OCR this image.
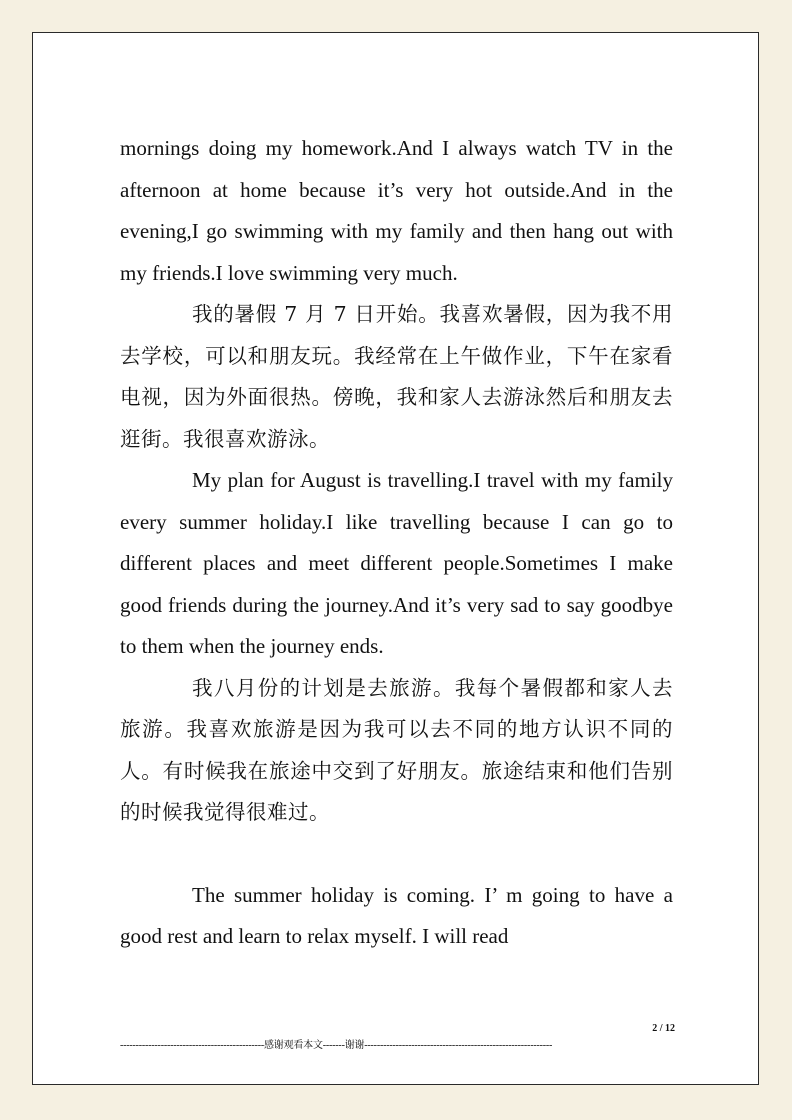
mornings doing my homework.And I always watch TV in the afternoon at home because it’s very hot outside.And in the evening,I go swimming with my family and then hang out with my friends.I love swimming very much.

我的暑假 7 月 7 日开始。我喜欢暑假，因为我不用去学校，可以和朋友玩。我经常在上午做作业，下午在家看电视，因为外面很热。傍晚，我和家人去游泳然后和朋友去逛街。我很喜欢游泳。

My plan for August is travelling.I travel with my family every summer holiday.I like travelling because I can go to different places and meet different people.Sometimes I make good friends during the journey.And it’s very sad to say goodbye to them when the journey ends.

我八月份的计划是去旅游。我每个暑假都和家人去旅游。我喜欢旅游是因为我可以去不同的地方认识不同的人。有时候我在旅途中交到了好朋友。旅途结束和他们告别的时候我觉得很难过。

The summer holiday is coming. I’ m going to have a good rest and learn to relax myself. I will read

2 / 12
----------------------------------------------感谢观看本文-------谢谢------------------------------------------------------------
